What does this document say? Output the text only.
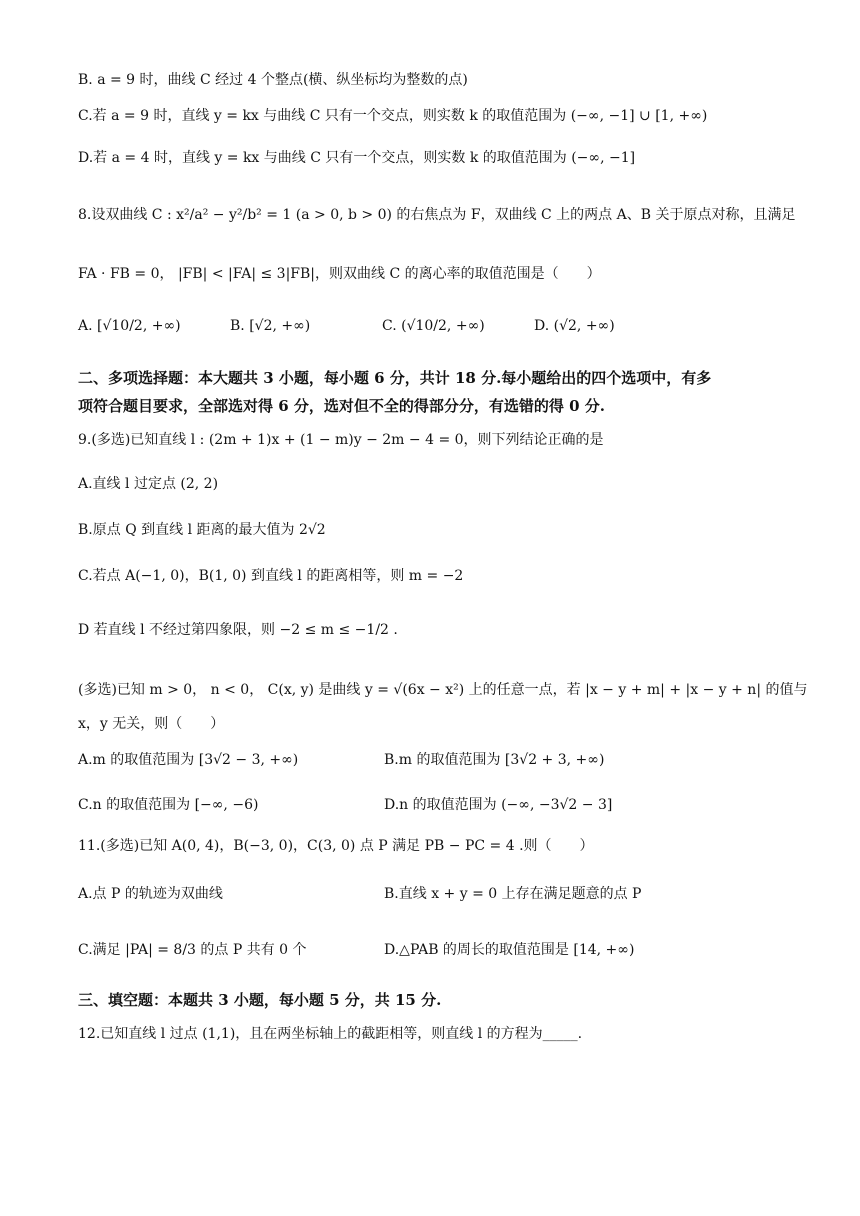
B. a = 9 时，曲线 C 经过 4 个整点(横、纵坐标均为整数的点)
C.若 a = 9 时，直线 y = kx 与曲线 C 只有一个交点，则实数 k 的取值范围为 (−∞, −1] ∪ [1, +∞)
D.若 a = 4 时，直线 y = kx 与曲线 C 只有一个交点，则实数 k 的取值范围为 (−∞, −1]
8.设双曲线 C : x²/a² − y²/b² = 1 (a > 0, b > 0) 的右焦点为 F，双曲线 C 上的两点 A、B 关于原点对称，且满足
FA · FB = 0， |FB| < |FA| ≤ 3|FB|，则双曲线 C 的离心率的取值范围是（　　）
A. [√10/2, +∞)	B. [√2, +∞)	C. (√10/2, +∞)	D. (√2, +∞)
二、多项选择题：本大题共 3 小题，每小题 6 分，共计 18 分.每小题给出的四个选项中，有多
项符合题目要求，全部选对得 6 分，选对但不全的得部分分，有选错的得 0 分.
9.(多选)已知直线 l : (2m + 1)x + (1 − m)y − 2m − 4 = 0，则下列结论正确的是
A.直线 l 过定点 (2, 2)
B.原点 Q 到直线 l 距离的最大值为 2√2
C.若点 A(−1, 0)，B(1, 0) 到直线 l 的距离相等，则 m = −2
D 若直线 l 不经过第四象限，则 −2 ≤ m ≤ −1/2 .
(多选)已知 m > 0， n < 0， C(x, y) 是曲线 y = √(6x − x²) 上的任意一点，若 |x − y + m| + |x − y + n| 的值与
x，y 无关，则（　　）
A.m 的取值范围为 [3√2 − 3, +∞)	B.m 的取值范围为 [3√2 + 3, +∞)
C.n 的取值范围为 [−∞, −6)	D.n 的取值范围为 (−∞, −3√2 − 3]
11.(多选)已知 A(0, 4)，B(−3, 0)，C(3, 0) 点 P 满足 PB − PC = 4 .则（　　）
A.点 P 的轨迹为双曲线	B.直线 x + y = 0 上存在满足题意的点 P
C.满足 |PA| = 8/3 的点 P 共有 0 个	D.△PAB 的周长的取值范围是 [14, +∞)
三、填空题：本题共 3 小题，每小题 5 分，共 15 分.
12.已知直线 l 过点 (1,1)，且在两坐标轴上的截距相等，则直线 l 的方程为_____.
